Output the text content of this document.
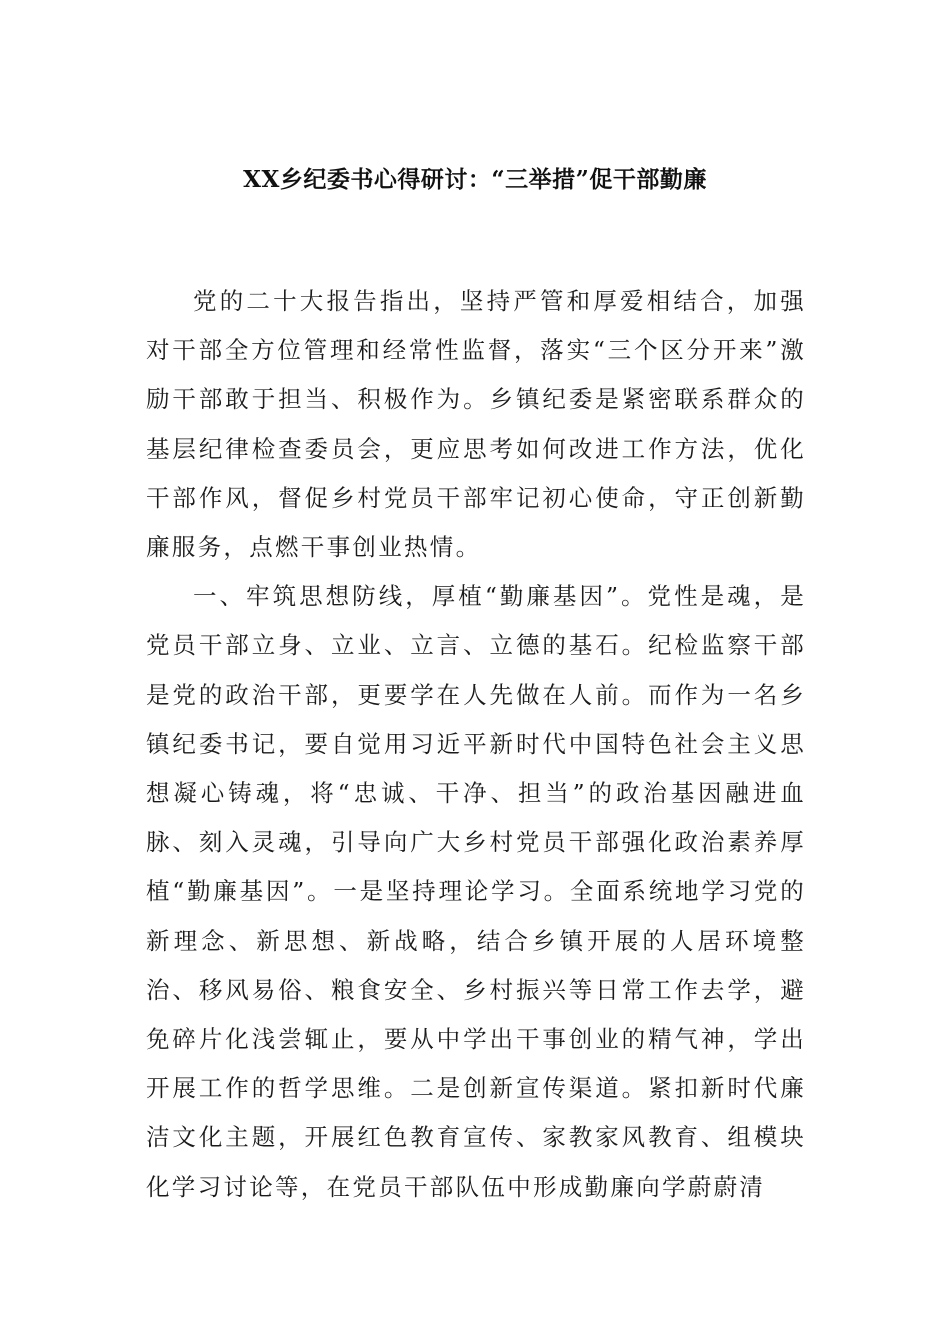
XX乡纪委书心得研讨：“三举措”促干部勤廉

党的二十大报告指出，坚持严管和厚爱相结合，加强对干部全方位管理和经常性监督，落实“三个区分开来”激励干部敢于担当、积极作为。乡镇纪委是紧密联系群众的基层纪律检查委员会，更应思考如何改进工作方法，优化干部作风，督促乡村党员干部牢记初心使命，守正创新勤廉服务，点燃干事创业热情。

一、牢筑思想防线，厚植“勤廉基因”。党性是魂，是党员干部立身、立业、立言、立德的基石。纪检监察干部是党的政治干部，更要学在人先做在人前。而作为一名乡镇纪委书记，要自觉用习近平新时代中国特色社会主义思想凝心铸魂，将“忠诚、干净、担当”的政治基因融进血脉、刻入灵魂，引导向广大乡村党员干部强化政治素养厚植“勤廉基因”。一是坚持理论学习。全面系统地学习党的新理念、新思想、新战略，结合乡镇开展的人居环境整治、移风易俗、粮食安全、乡村振兴等日常工作去学，避免碎片化浅尝辄止，要从中学出干事创业的精气神，学出开展工作的哲学思维。二是创新宣传渠道。紧扣新时代廉洁文化主题，开展红色教育宣传、家教家风教育、组模块化学习讨论等，在党员干部队伍中形成勤廉向学蔚蔚清
